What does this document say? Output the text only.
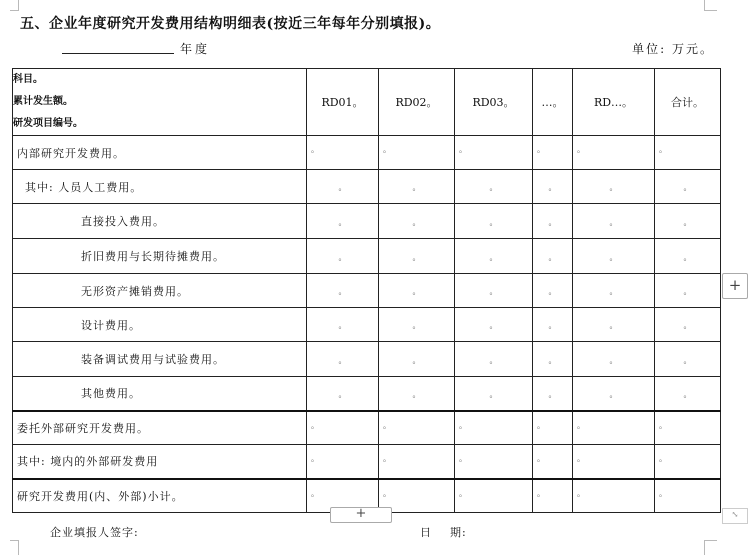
五、企业年度研究开发费用结构明细表(按近三年每年分别填报)。
年度	单位: 万元。
科目。
累计发生额。
研发项目编号。	RD01。	RD02。	RD03。	…。	RD…。	合计。
内部研究开发费用。	。	。	。	。	。	。

其中: 人员人工费用。	。	。	。	。	。	。
直接投入费用。	。	。	。	。	。	。
折旧费用与长期待摊费用。	。	。	。	。	。	。
无形资产摊销费用。	。	。	。	。	。	。
设计费用。	。	。	。	。	。	。
装备调试费用与试验费用。	。	。	。	。	。	。
其他费用。	。	。	。	。	。	。
委托外部研究开发费用。	。	。	。	。	。	。

其中: 境内的外部研发费用	。	。	。	。	。	。

研究开发费用(内、外部)小计。	。	。	。	。	。	。
+
+
⤡
企业填报人签字:	日 期:
